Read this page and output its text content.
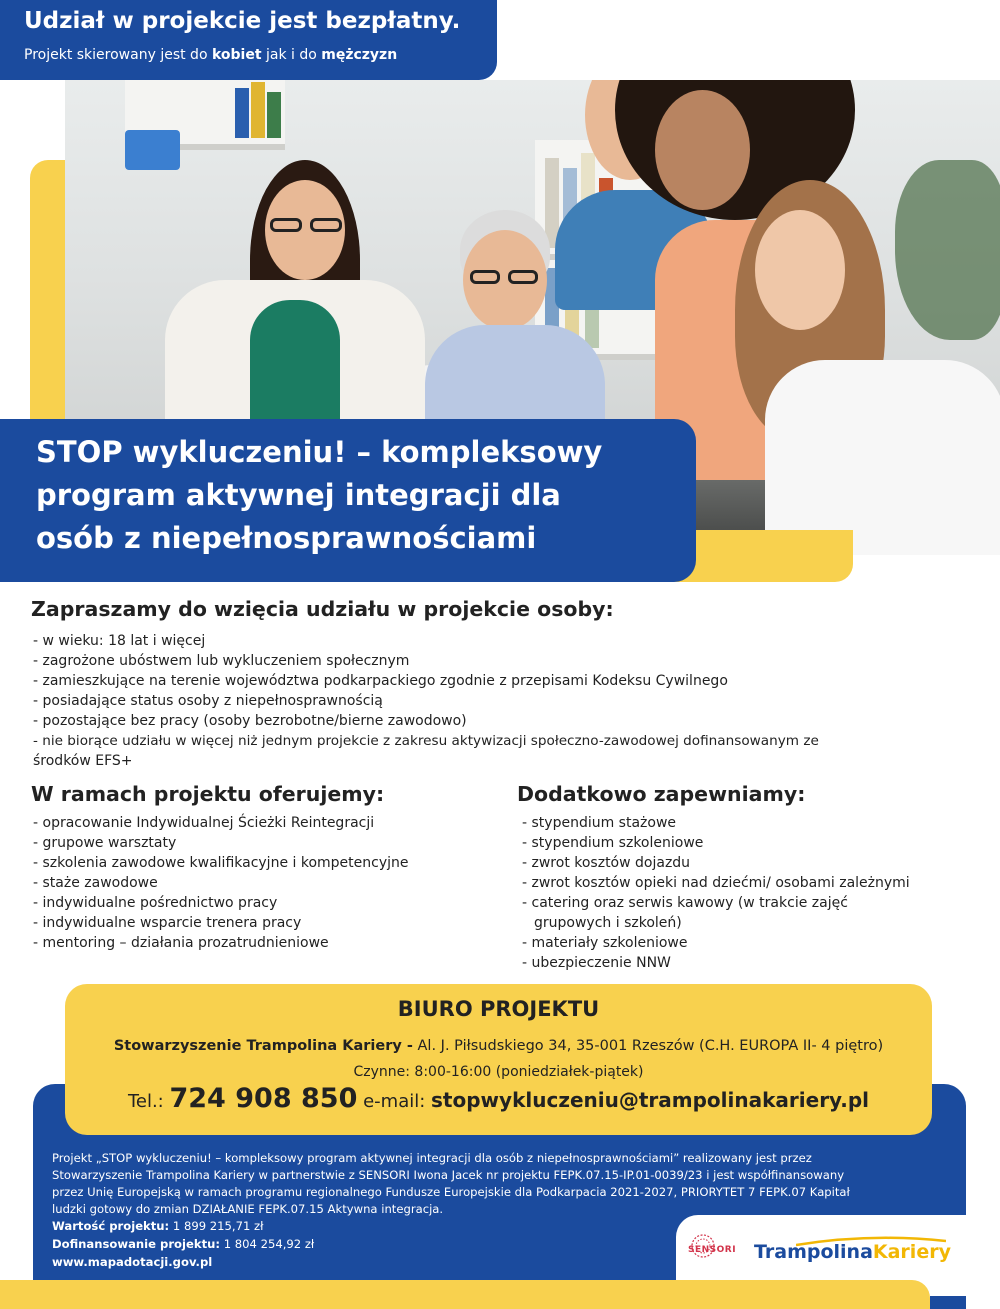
Udział w projekcie jest bezpłatny.
Projekt skierowany jest do kobiet jak i do mężczyzn
STOP wykluczeniu! – kompleksowy
program aktywnej integracji dla
osób z niepełnosprawnościami
Zapraszamy do wzięcia udziału w projekcie osoby:
- w wieku: 18 lat i więcej
- zagrożone ubóstwem lub wykluczeniem społecznym
- zamieszkujące na terenie województwa podkarpackiego zgodnie z przepisami Kodeksu Cywilnego
- posiadające status osoby z niepełnosprawnością
- pozostające bez pracy (osoby bezrobotne/bierne zawodowo)
- nie biorące udziału w więcej niż jednym projekcie z zakresu aktywizacji społeczno-zawodowej dofinansowanym ze
środków EFS+
W ramach projektu oferujemy:
- opracowanie Indywidualnej Ścieżki Reintegracji
- grupowe warsztaty
- szkolenia zawodowe kwalifikacyjne i kompetencyjne
- staże zawodowe
- indywidualne pośrednictwo pracy
- indywidualne wsparcie trenera pracy
- mentoring – działania prozatrudnieniowe
Dodatkowo zapewniamy:
- stypendium stażowe
- stypendium szkoleniowe
- zwrot kosztów dojazdu
- zwrot kosztów opieki nad dziećmi/ osobami zależnymi
- catering oraz serwis kawowy (w trakcie zajęć
grupowych i szkoleń)
- materiały szkoleniowe
- ubezpieczenie NNW
BIURO PROJEKTU
Stowarzyszenie Trampolina Kariery - Al. J. Piłsudskiego 34, 35-001 Rzeszów (C.H. EUROPA II- 4 piętro)
Czynne: 8:00-16:00 (poniedziałek-piątek)
Tel.: 724 908 850 e-mail: stopwykluczeniu@trampolinakariery.pl
Projekt „STOP wykluczeniu! – kompleksowy program aktywnej integracji dla osób z niepełnosprawnościami” realizowany jest przez
Stowarzyszenie Trampolina Kariery w partnerstwie z SENSORI Iwona Jacek nr projektu FEPK.07.15-IP.01-0039/23 i jest współfinansowany
przez Unię Europejską w ramach programu regionalnego Fundusze Europejskie dla Podkarpacia 2021-2027, PRIORYTET 7 FEPK.07 Kapitał
ludzki gotowy do zmian DZIAŁANIE FEPK.07.15 Aktywna integracja.
Wartość projektu: 1 899 215,71 zł
Dofinansowanie projektu: 1 804 254,92 zł
www.mapadotacji.gov.pl
SENSORI TrampolinaKariery
